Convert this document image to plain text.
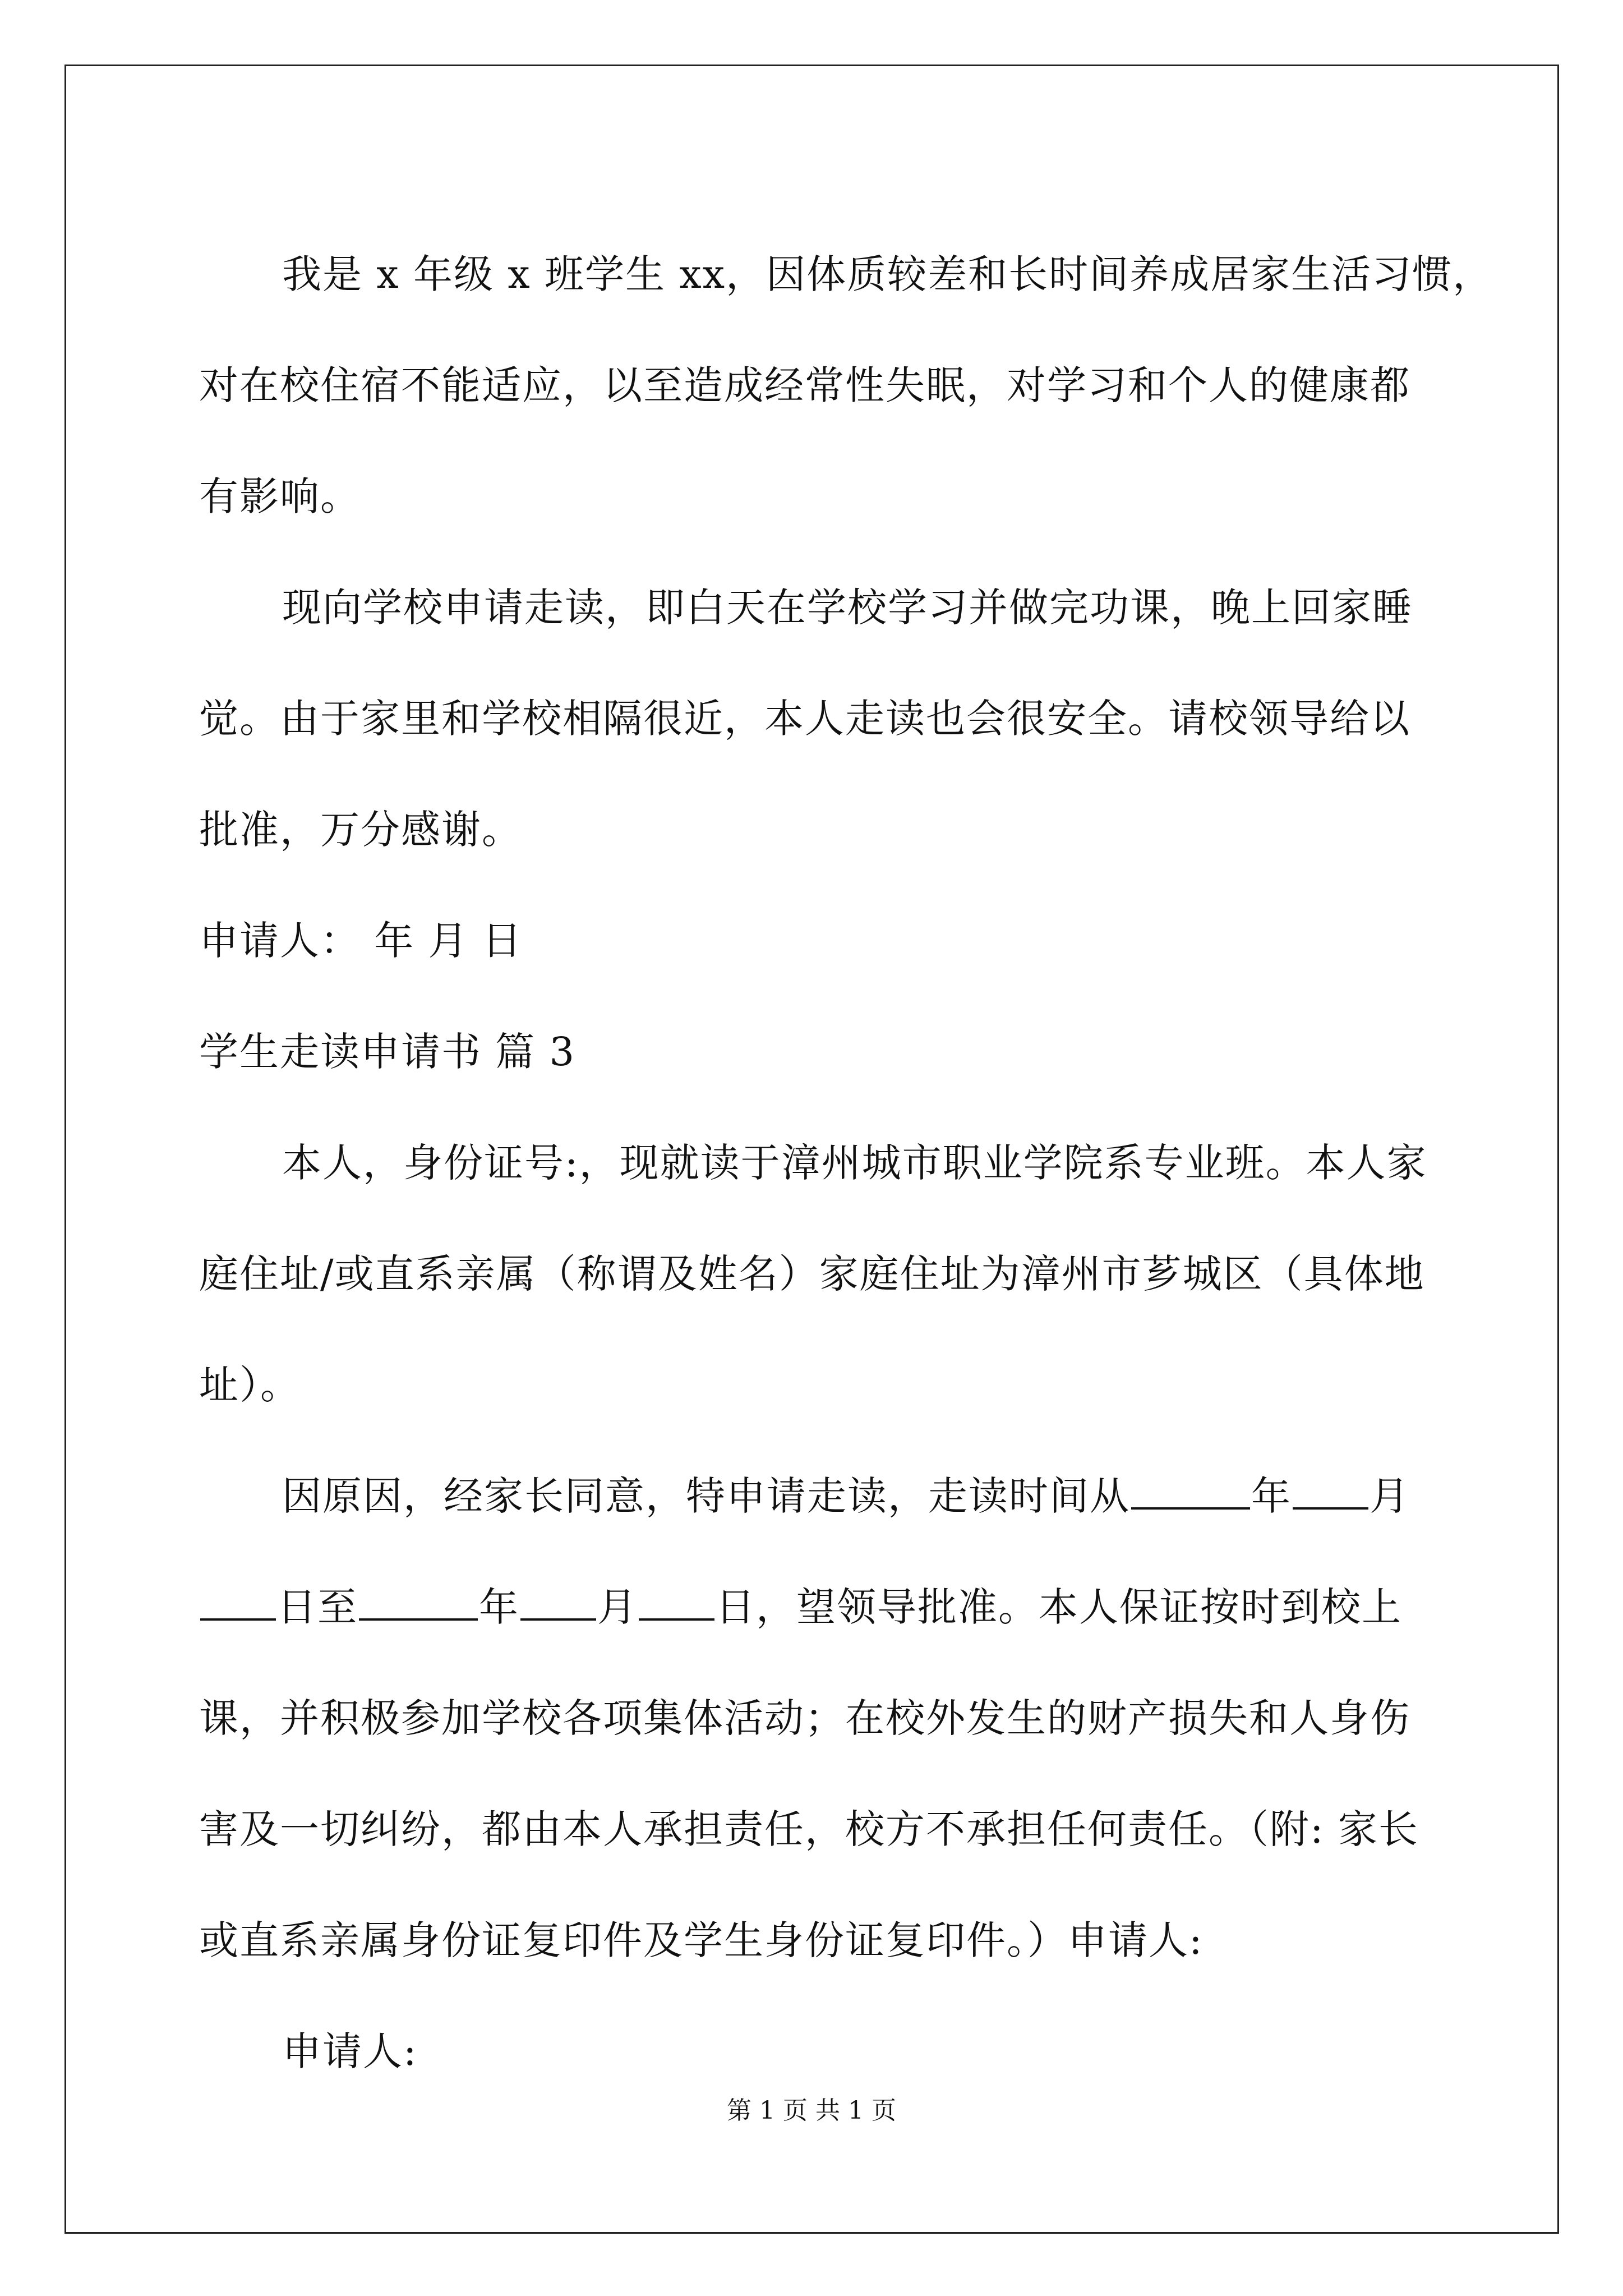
我是 x 年级 x 班学生 xx，因体质较差和长时间养成居家生活习惯，
对在校住宿不能适应，以至造成经常性失眠，对学习和个人的健康都
有影响。
现向学校申请走读，即白天在学校学习并做完功课，晚上回家睡
觉。由于家里和学校相隔很近，本人走读也会很安全。请校领导给以
批准，万分感谢。
申请人： 年 月 日
学生走读申请书 篇 3
本人，身份证号:，现就读于漳州城市职业学院系专业班。本人家
庭住址/或直系亲属（称谓及姓名）家庭住址为漳州市芗城区（具体地
址）。
因原因，经家长同意，特申请走读，走读时间从	年 月
日至	年 月 日，望领导批准。本人保证按时到校上
课，并积极参加学校各项集体活动；在校外发生的财产损失和人身伤
害及一切纠纷，都由本人承担责任，校方不承担任何责任。（附: 家长
或直系亲属身份证复印件及学生身份证复印件。）申请人:
申请人:
第 1 页 共 1 页
